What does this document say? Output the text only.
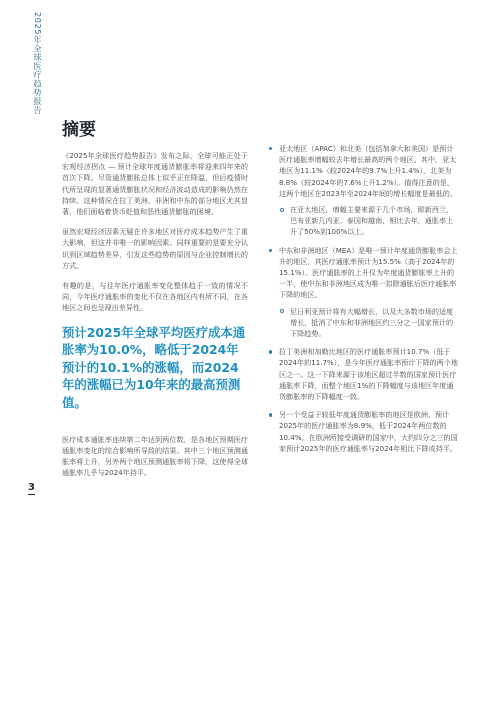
2025年全球医疗趋势报告
3
摘要

《2025年全球医疗趋势报告》发布之际，全球可能正处于宏观经济拐点 — 预计全球年度通货膨胀率将迎来四年来的首次下降。尽管通货膨胀总体上似乎正在降温，但后疫情时代所呈现的显著通货膨胀状况和经济波动造成的影响仍然在持续。这种情况在拉丁美洲、非洲和中东的部分地区尤其显著，他们面临着货币贬值和恶性通货膨胀的困境。

虽然宏观经济因素无疑在许多地区对医疗成本趋势产生了重大影响，但这并非唯一的影响因素。同样重要的是要充分认识到区域趋势差异，引发这些趋势的原因与企业控制增长的方式。

有趣的是，与往年医疗通胀率变化整体趋于一致的情况不同，今年医疗通胀率的变化不仅在各地区内有所不同，在各地区之间也呈现出差异性。

预计2025年全球平均医疗成本通胀率为10.0%，略低于2024年预计的10.1%的涨幅，而2024年的涨幅已为10年来的最高预测值。

医疗成本通胀率连续第二年达到两位数，是各地区预期医疗通胀率变化的综合影响所导致的结果。其中三个地区预测通胀率将上升，另外两个地区预测通胀率将下降，这使得全球通胀率几乎与2024年持平。

亚太地区（APAC）和北美（包括加拿大和美国）是预计医疗通胀率增幅较去年增长最高的两个地区。其中，亚太地区为11.1%（较2024年的9.7%上升1.4%），北美为8.8%（较2024年的7.6%上升1.2%）。值得注意的是，这两个地区在2023年至2024年间的增长幅度是最低的。
在亚太地区，增幅主要来源于几个市场，即新西兰、巴布亚新几内亚、泰国和越南，相比去年，通胀率上升了50%到100%以上。
中东和非洲地区（MEA）是唯一预计年度通货膨胀率会上升的地区，其医疗通胀率预计为15.5%（高于2024年的15.1%）。医疗通胀率的上升仅为年度通货膨胀率上升的一半，使中东和非洲地区成为唯一扣除通胀后医疗通胀率下降的地区。
尼日利亚预计将有大幅增长，以及大多数市场的适度增长，抵消了中东和非洲地区约三分之一国家预计的下降趋势。
拉丁美洲和加勒比地区的医疗通胀率预计10.7%（低于2024年的11.7%），是今年医疗通胀率预计下降的两个地区之一。这一下降来源于该地区超过半数的国家预计医疗通胀率下降，而整个地区1%的下降幅度与该地区年度通货膨胀率的下降幅度一致。
另一个受益于较低年度通货膨胀率的地区是欧洲，预计2025年的医疗通胀率为8.9%，低于2024年两位数的10.4%。在欧洲所接受调研的国家中，大约四分之三的国家预计2025年的医疗通胀率与2024年相比下降或持平。
